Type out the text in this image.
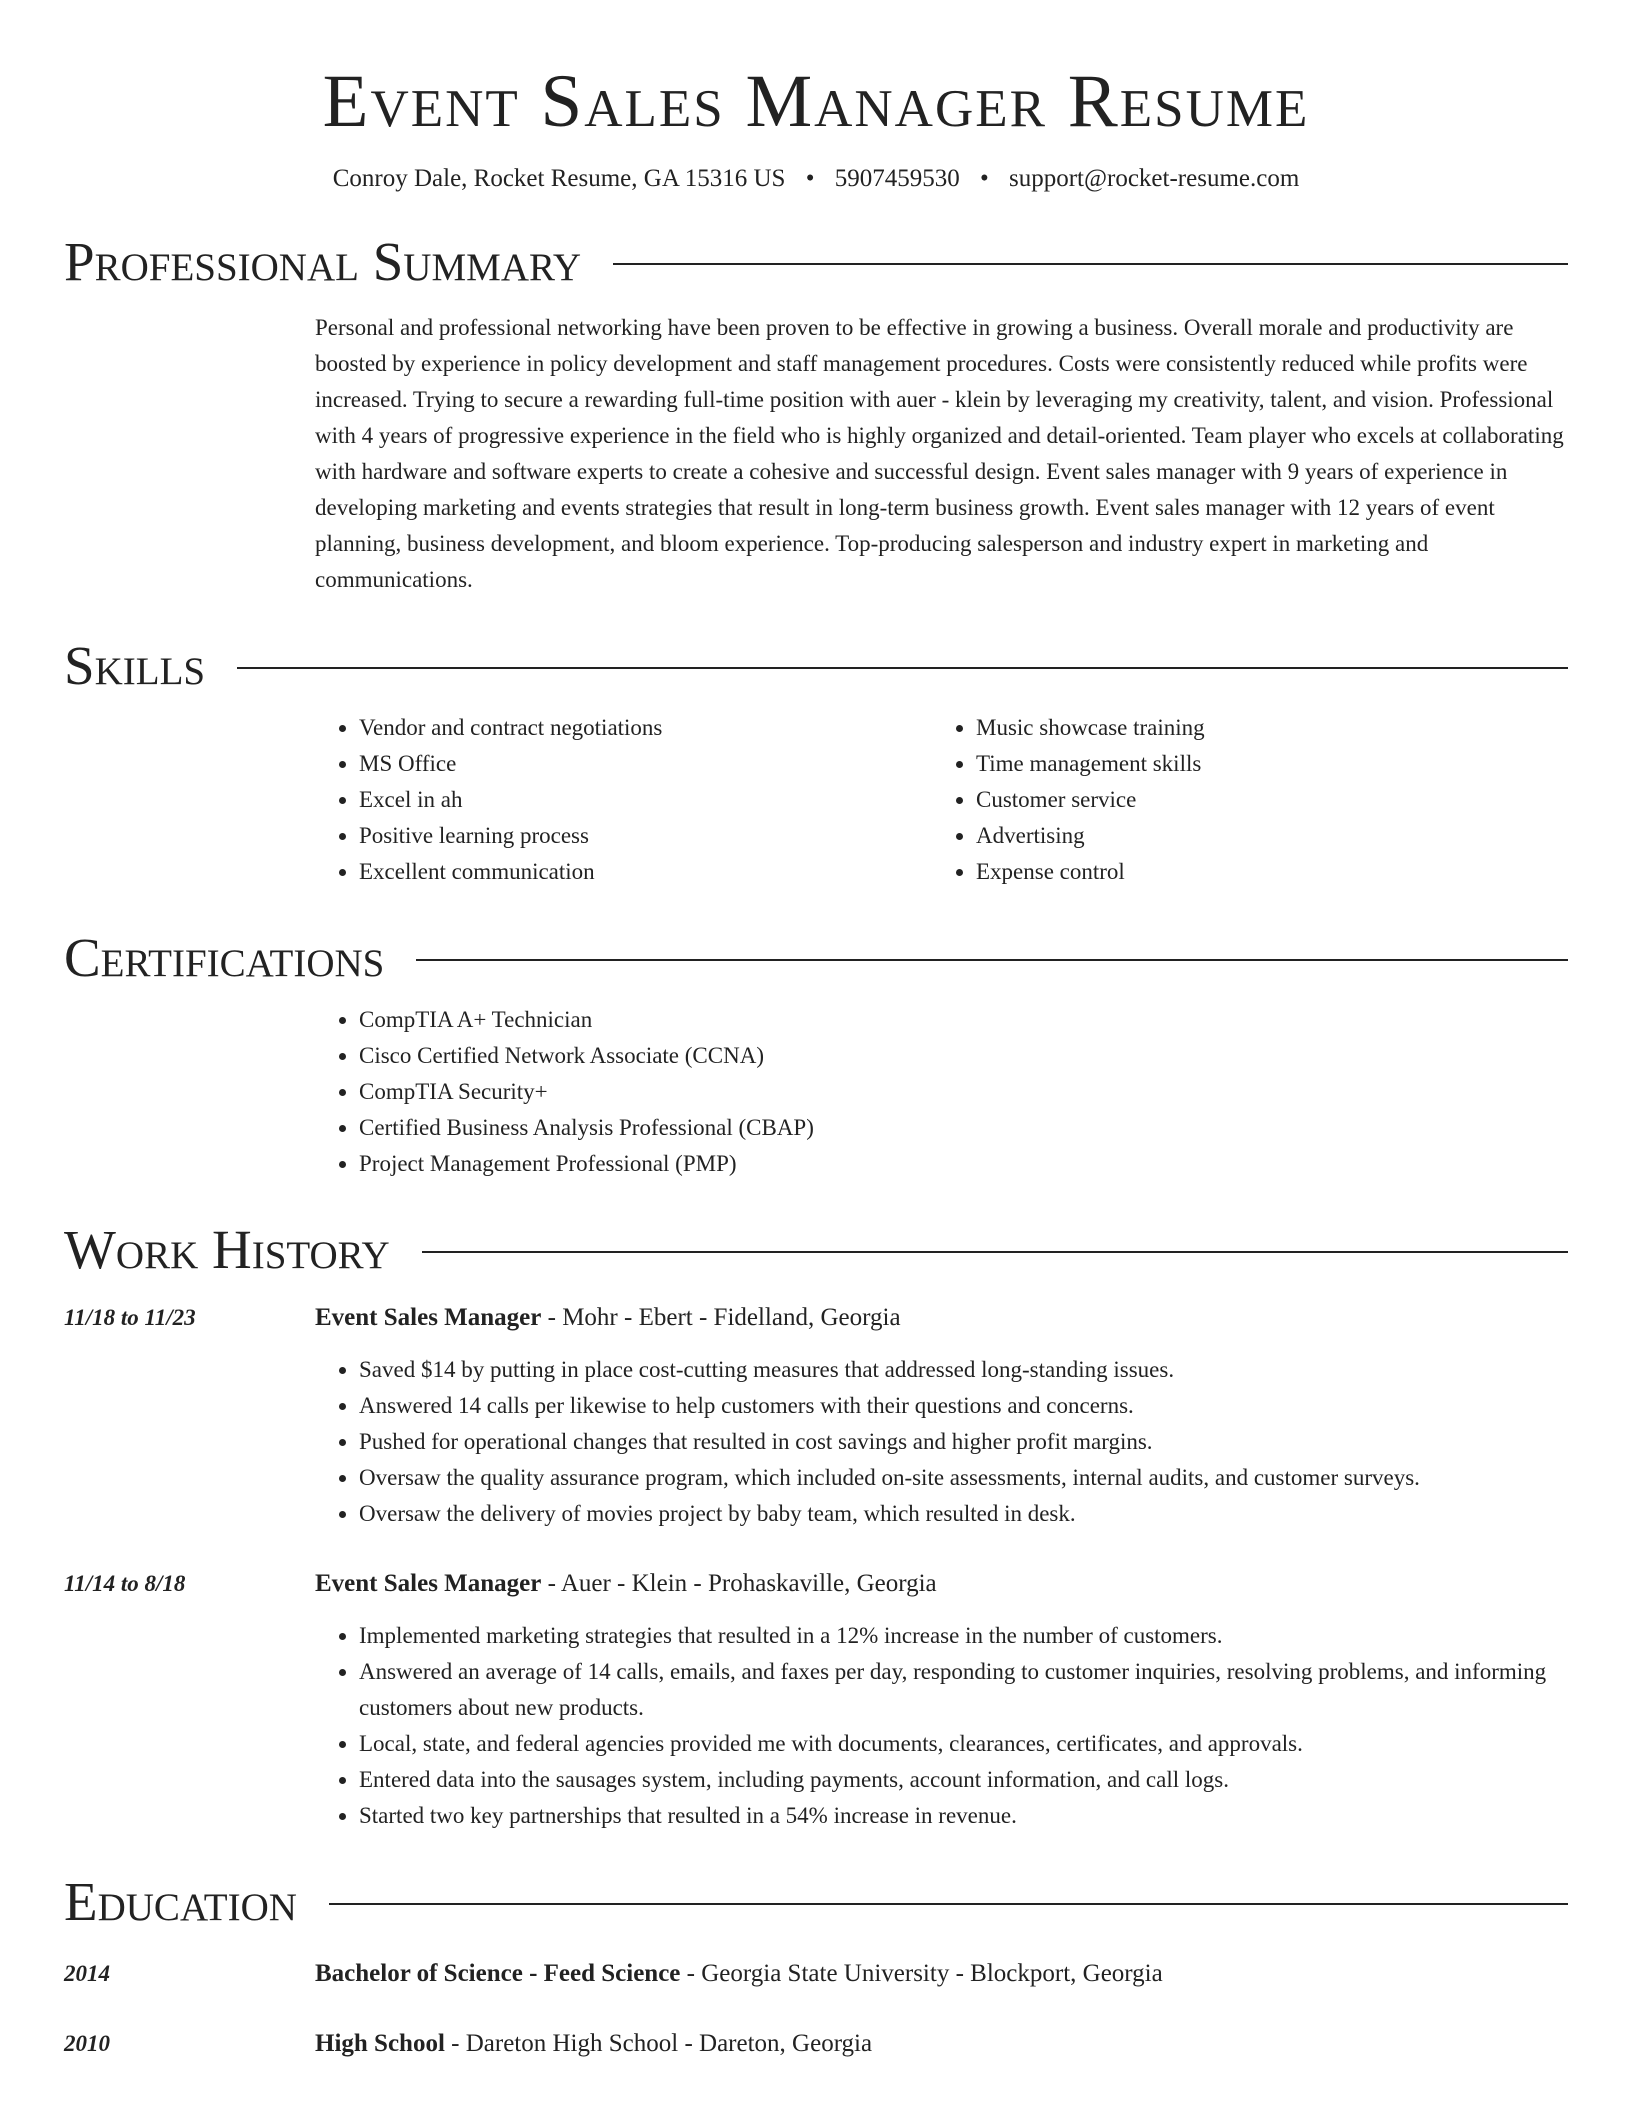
Event Sales Manager Resume
Conroy Dale, Rocket Resume, GA 15316 US • 5907459530 • support@rocket-resume.com
Professional Summary
Personal and professional networking have been proven to be effective in growing a business. Overall morale and productivity are boosted by experience in policy development and staff management procedures. Costs were consistently reduced while profits were increased. Trying to secure a rewarding full-time position with auer - klein by leveraging my creativity, talent, and vision. Professional with 4 years of progressive experience in the field who is highly organized and detail-oriented. Team player who excels at collaborating with hardware and software experts to create a cohesive and successful design. Event sales manager with 9 years of experience in developing marketing and events strategies that result in long-term business growth. Event sales manager with 12 years of event planning, business development, and bloom experience. Top-producing salesperson and industry expert in marketing and communications.
Skills
• Vendor and contract negotiations
• MS Office
• Excel in ah
• Positive learning process
• Excellent communication
• Music showcase training
• Time management skills
• Customer service
• Advertising
• Expense control
Certifications
• CompTIA A+ Technician
• Cisco Certified Network Associate (CCNA)
• CompTIA Security+
• Certified Business Analysis Professional (CBAP)
• Project Management Professional (PMP)
Work History
11/18 to 11/23	Event Sales Manager - Mohr - Ebert - Fidelland, Georgia
• Saved $14 by putting in place cost-cutting measures that addressed long-standing issues.
• Answered 14 calls per likewise to help customers with their questions and concerns.
• Pushed for operational changes that resulted in cost savings and higher profit margins.
• Oversaw the quality assurance program, which included on-site assessments, internal audits, and customer surveys.
• Oversaw the delivery of movies project by baby team, which resulted in desk.
11/14 to 8/18	Event Sales Manager - Auer - Klein - Prohaskaville, Georgia
• Implemented marketing strategies that resulted in a 12% increase in the number of customers.
• Answered an average of 14 calls, emails, and faxes per day, responding to customer inquiries, resolving problems, and informing customers about new products.
• Local, state, and federal agencies provided me with documents, clearances, certificates, and approvals.
• Entered data into the sausages system, including payments, account information, and call logs.
• Started two key partnerships that resulted in a 54% increase in revenue.
Education
2014	Bachelor of Science - Feed Science - Georgia State University - Blockport, Georgia
2010	High School - Dareton High School - Dareton, Georgia
